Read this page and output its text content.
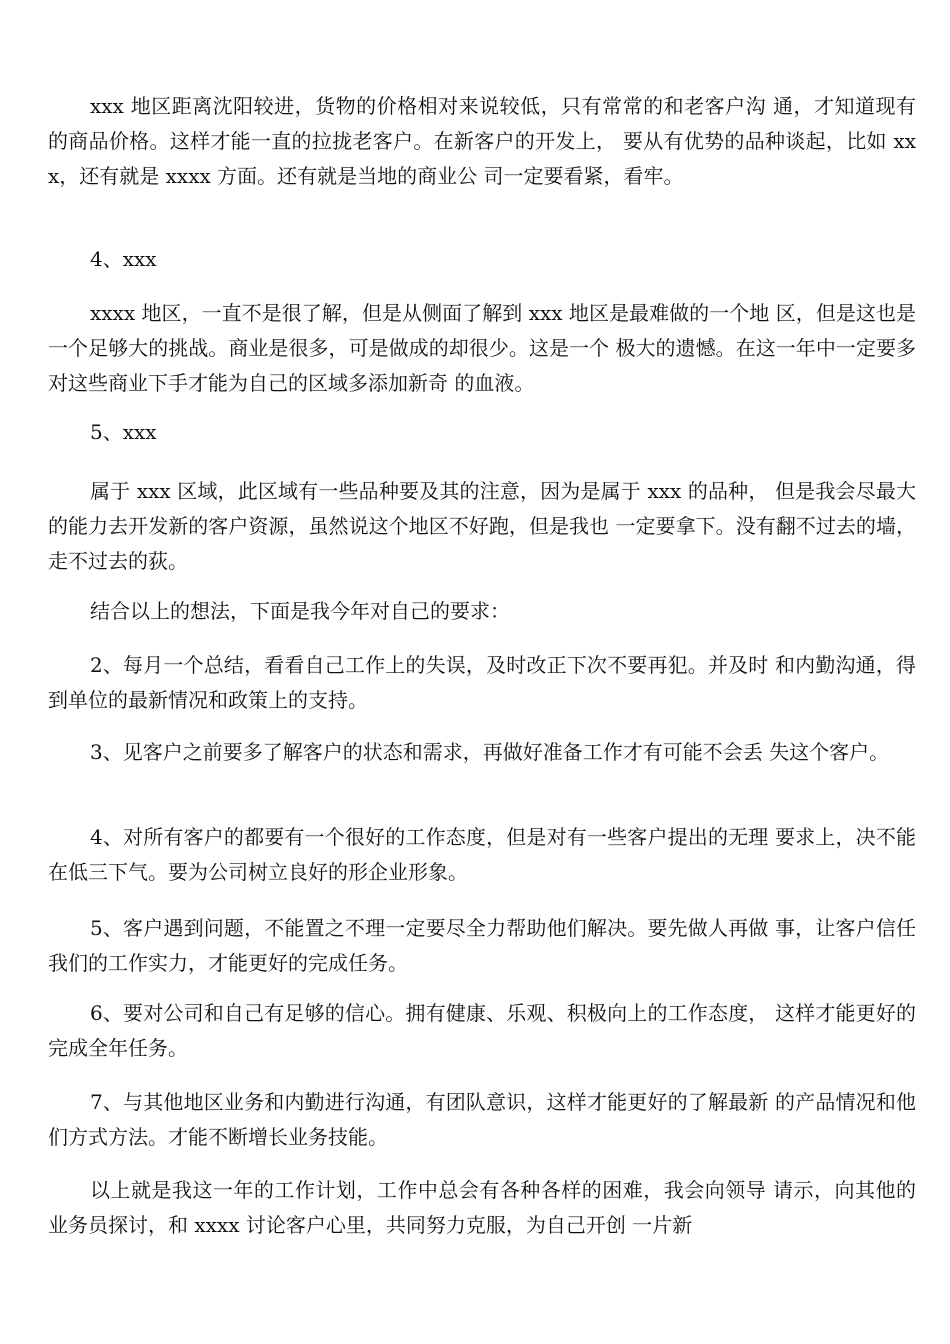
xxx 地区距离沈阳较进，货物的价格相对来说较低，只有常常的和老客户沟 通，才知道现有的商品价格。这样才能一直的拉拢老客户。在新客户的开发上， 要从有优势的品种谈起，比如 xxx，还有就是 xxxx 方面。还有就是当地的商业公 司一定要看紧，看牢。

4、xxx

xxxx 地区，一直不是很了解，但是从侧面了解到 xxx 地区是最难做的一个地 区，但是这也是一个足够大的挑战。商业是很多，可是做成的却很少。这是一个 极大的遗憾。在这一年中一定要多对这些商业下手才能为自己的区域多添加新奇 的血液。

5、xxx

属于 xxx 区域，此区域有一些品种要及其的注意，因为是属于 xxx 的品种， 但是我会尽最大的能力去开发新的客户资源，虽然说这个地区不好跑，但是我也 一定要拿下。没有翻不过去的墙，走不过去的荻。

结合以上的想法，下面是我今年对自己的要求：

2、每月一个总结，看看自己工作上的失误，及时改正下次不要再犯。并及时 和内勤沟通，得到单位的最新情况和政策上的支持。

3、见客户之前要多了解客户的状态和需求，再做好准备工作才有可能不会丢 失这个客户。

4、对所有客户的都要有一个很好的工作态度，但是对有一些客户提出的无理 要求上，决不能在低三下气。要为公司树立良好的形企业形象。

5、客户遇到问题，不能置之不理一定要尽全力帮助他们解决。要先做人再做 事，让客户信任我们的工作实力，才能更好的完成任务。

6、要对公司和自己有足够的信心。拥有健康、乐观、积极向上的工作态度， 这样才能更好的完成全年任务。

7、与其他地区业务和内勤进行沟通，有团队意识，这样才能更好的了解最新 的产品情况和他们方式方法。才能不断增长业务技能。

以上就是我这一年的工作计划，工作中总会有各种各样的困难，我会向领导 请示，向其他的业务员探讨，和 xxxx 讨论客户心里，共同努力克服，为自己开创 一片新
